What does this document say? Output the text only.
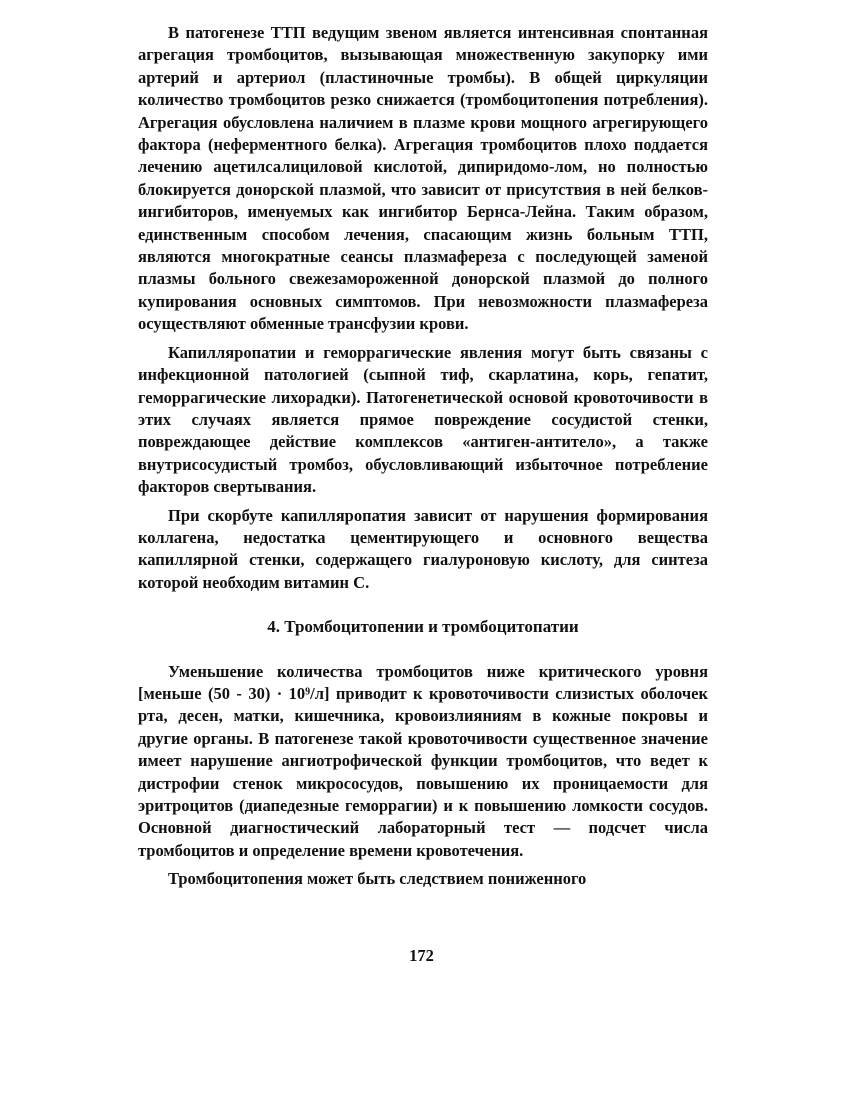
В патогенезе ТТП ведущим звеном является интенсивная спонтанная агрегация тромбоцитов, вызывающая множественную закупорку ими артерий и артериол (пластиночные тромбы). В общей циркуляции количество тромбоцитов резко снижается (тромбоцитопения потребления). Агрегация обусловлена наличием в плазме крови мощного агрегирующего фактора (неферментного белка). Агрегация тромбоцитов плохо поддается лечению ацетилсалициловой кислотой, дипиридомо-лом, но полностью блокируется донорской плазмой, что зависит от присутствия в ней белков-ингибиторов, именуемых как ингибитор Бернса-Лейна. Таким образом, единственным способом лечения, спасающим жизнь больным ТТП, являются многократные сеансы плазмафереза с последующей заменой плазмы больного свежезамороженной донорской плазмой до полного купирования основных симптомов. При невозможности плазмафереза осуществляют обменные трансфузии крови.

Капилляропатии и геморрагические явления могут быть связаны с инфекционной патологией (сыпной тиф, скарлатина, корь, гепатит, геморрагические лихорадки). Патогенетической основой кровоточивости в этих случаях является прямое повреждение сосудистой стенки, повреждающее действие комплексов «антиген-антитело», а также внутрисосудистый тромбоз, обусловливающий избыточное потребление факторов свертывания.

При скорбуте капилляропатия зависит от нарушения формирования коллагена, недостатка цементирующего и основного вещества капиллярной стенки, содержащего гиалуроновую кислоту, для синтеза которой необходим витамин С.

4. Тромбоцитопении и тромбоцитопатии

Уменьшение количества тромбоцитов ниже критического уровня [меньше (50 - 30) · 10⁹/л] приводит к кровоточивости слизистых оболочек рта, десен, матки, кишечника, кровоизлияниям в кожные покровы и другие органы. В патогенезе такой кровоточивости существенное значение имеет нарушение ангиотрофической функции тромбоцитов, что ведет к дистрофии стенок микрососудов, повышению их проницаемости для эритроцитов (диапедезные геморрагии) и к повышению ломкости сосудов. Основной диагностический лабораторный тест — подсчет числа тромбоцитов и определение времени кровотечения.

Тромбоцитопения может быть следствием пониженного

172
